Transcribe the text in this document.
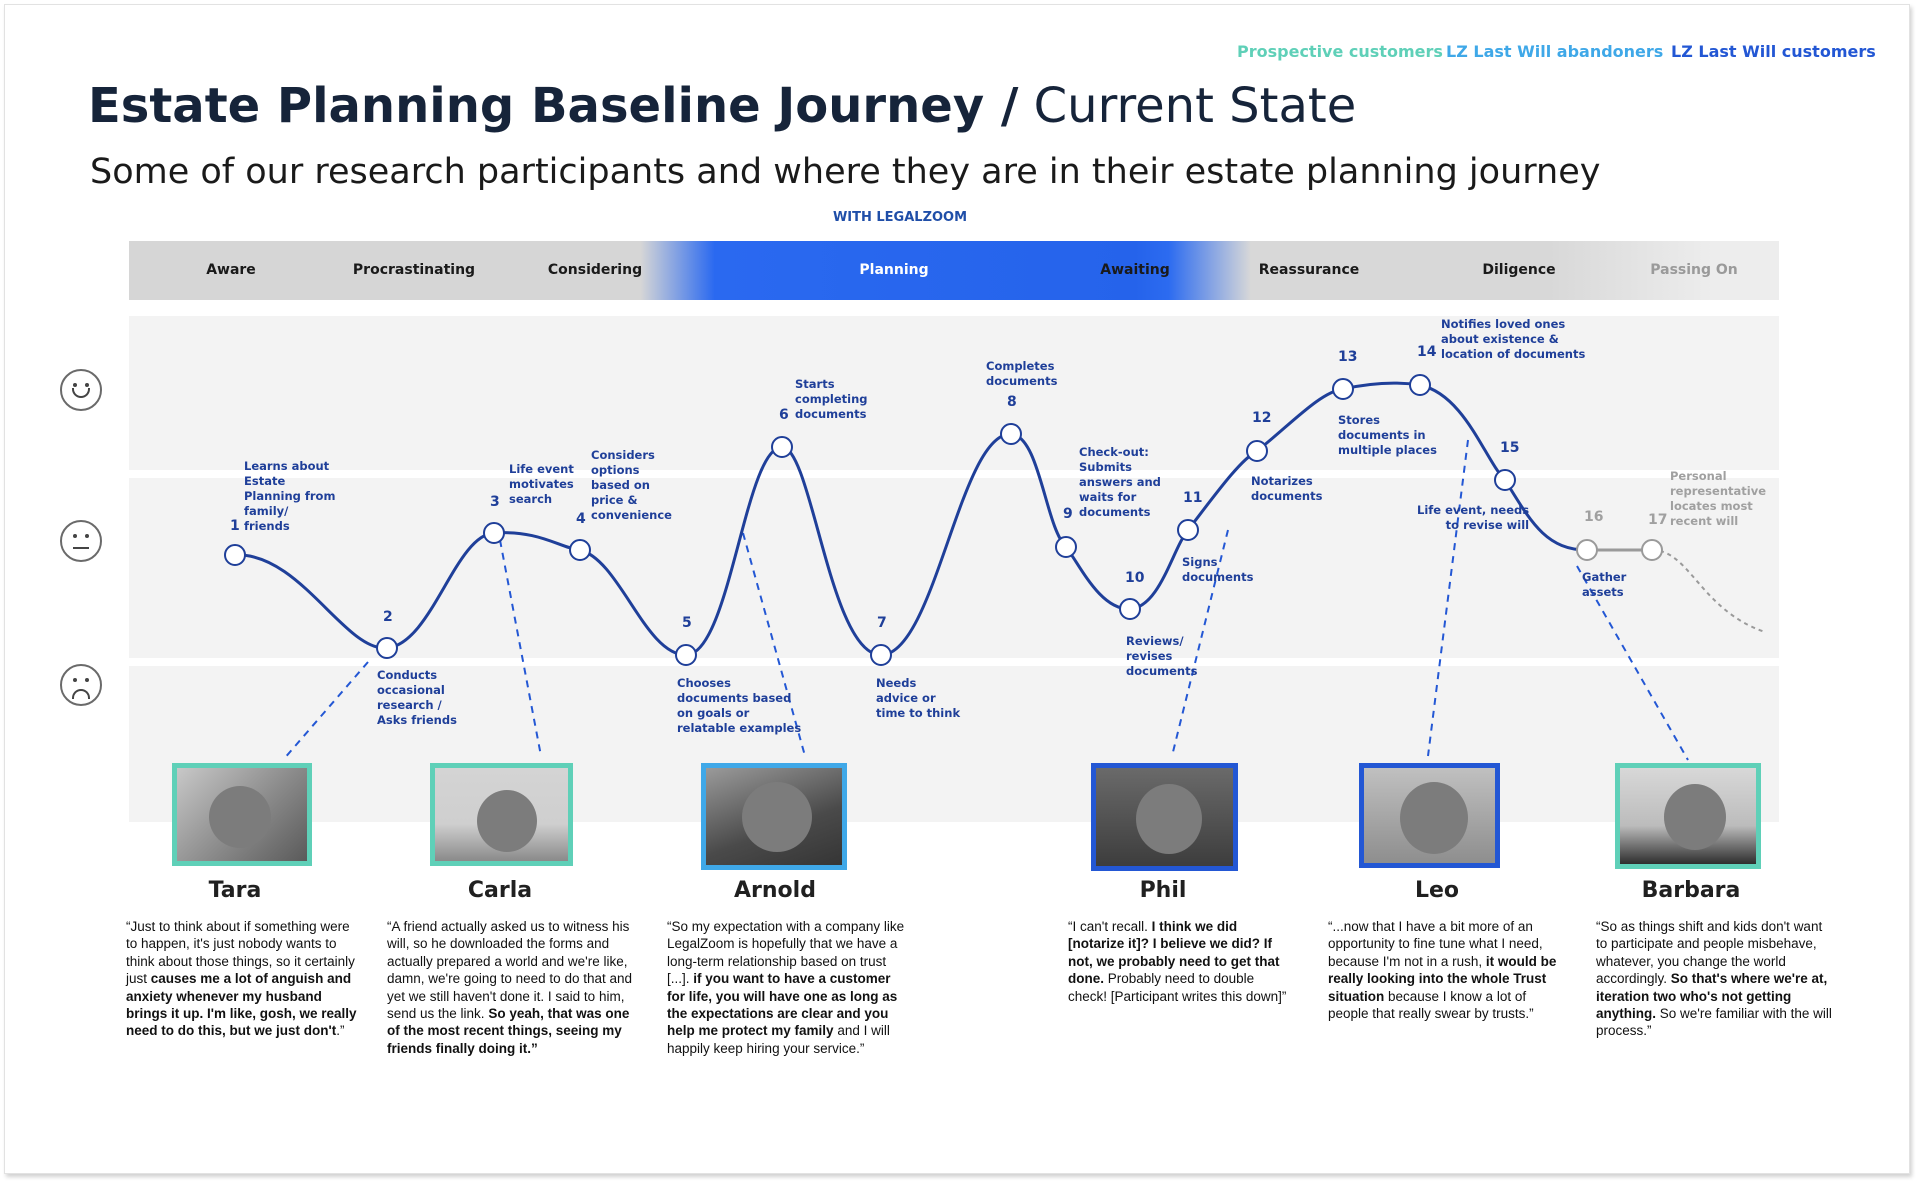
Prospective customers LZ Last Will abandoners LZ Last Will customers
Estate Planning Baseline Journey / Current State
Some of our research participants and where they are in their estate planning journey
WITH LEGALZOOM
Aware	Procrastinating	Considering	Planning	Awaiting	Reassurance	Diligence	Passing On
1
2
3
4
5
6
7
8
9
10
11
12
13	14
15
16	17
Learns about
Estate
Planning from
family/
friends
Conducts
occasional
research /
Asks friends
Life event
motivates
search
Considers
options
based on
price &
convenience
Chooses
documents based
on goals or
relatable examples
Starts
completing
documents
Needs
advice or
time to think
Completes
documents
Check-out:
Submits
answers and
waits for
documents
Reviews/
revises
documents
Signs
documents
Notarizes
documents
Stores
documents in
multiple places
Notifies loved ones
about existence &
location of documents
Life event, needs
to revise will
Gather
assets
Personal
representative
locates most
recent will
Tara	Carla	Arnold	Phil	Leo	Barbara
“Just to think about if something were to happen, it's just nobody wants to think about those things, so it certainly just causes me a lot of anguish and anxiety whenever my husband brings it up. I'm like, gosh, we really need to do this, but we just don't.”
“A friend actually asked us to witness his will, so he downloaded the forms and actually prepared a world and we're like, damn, we're going to need to do that and yet we still haven't done it. I said to him, send us the link. So yeah, that was one of the most recent things, seeing my friends finally doing it.”
“So my expectation with a company like LegalZoom is hopefully that we have a long-term relationship based on trust [...]. if you want to have a customer for life, you will have one as long as the expectations are clear and you help me protect my family and I will happily keep hiring your service.”
“I can't recall. I think we did [notarize it]? I believe we did? If not, we probably need to get that done. Probably need to double check! [Participant writes this down]”
“...now that I have a bit more of an opportunity to fine tune what I need, because I'm not in a rush, it would be really looking into the whole Trust situation because I know a lot of people that really swear by trusts.”
“So as things shift and kids don't want to participate and people misbehave, whatever, you change the world accordingly. So that's where we're at, iteration two who's not getting anything. So we're familiar with the will process.”
